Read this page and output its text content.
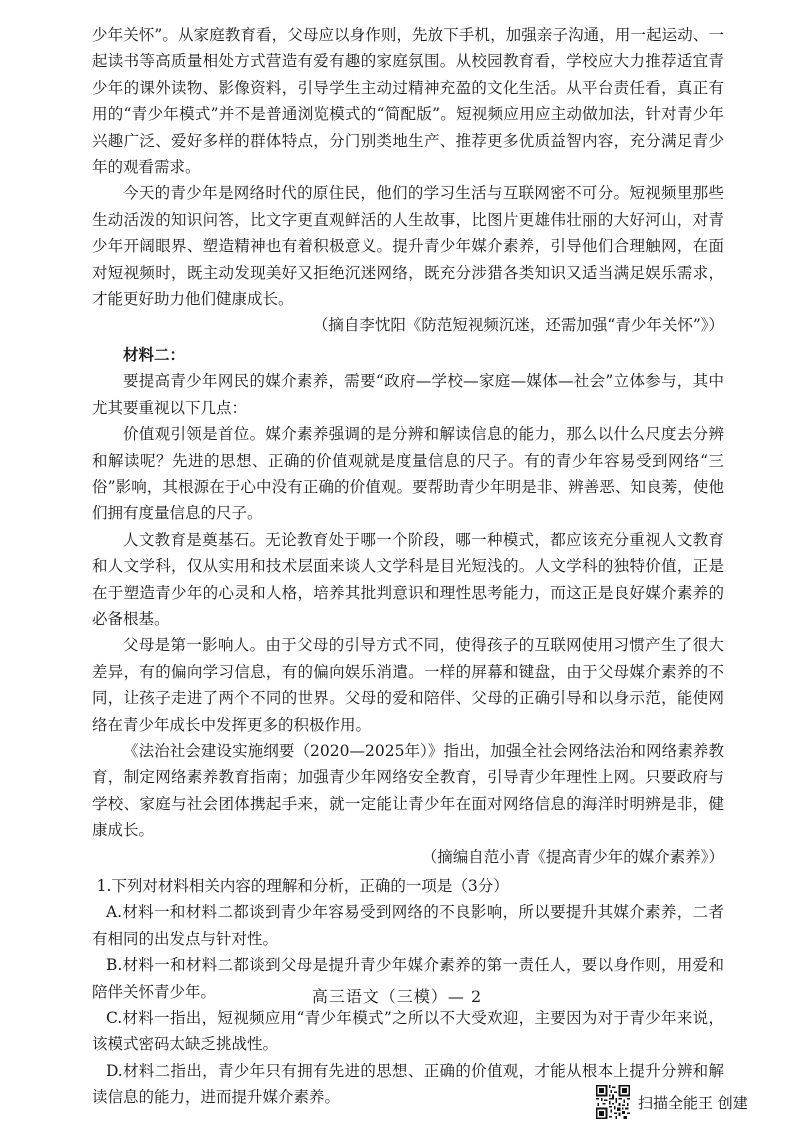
少年关怀”。从家庭教育看，父母应以身作则，先放下手机，加强亲子沟通，用一起运动、一起读书等高质量相处方式营造有爱有趣的家庭氛围。从校园教育看，学校应大力推荐适宜青少年的课外读物、影像资料，引导学生主动过精神充盈的文化生活。从平台责任看，真正有用的“青少年模式”并不是普通浏览模式的“简配版”。短视频应用应主动做加法，针对青少年兴趣广泛、爱好多样的群体特点，分门别类地生产、推荐更多优质益智内容，充分满足青少年的观看需求。

今天的青少年是网络时代的原住民，他们的学习生活与互联网密不可分。短视频里那些生动活泼的知识问答，比文字更直观鲜活的人生故事，比图片更雄伟壮丽的大好河山，对青少年开阔眼界、塑造精神也有着积极意义。提升青少年媒介素养，引导他们合理触网，在面对短视频时，既主动发现美好又拒绝沉迷网络，既充分涉猎各类知识又适当满足娱乐需求，才能更好助力他们健康成长。

（摘自李忱阳《防范短视频沉迷，还需加强“青少年关怀”》）

材料二：

要提高青少年网民的媒介素养，需要“政府—学校—家庭—媒体—社会”立体参与，其中尤其要重视以下几点：

价值观引领是首位。媒介素养强调的是分辨和解读信息的能力，那么以什么尺度去分辨和解读呢？先进的思想、正确的价值观就是度量信息的尺子。有的青少年容易受到网络“三俗”影响，其根源在于心中没有正确的价值观。要帮助青少年明是非、辨善恶、知良莠，使他们拥有度量信息的尺子。

人文教育是奠基石。无论教育处于哪一个阶段，哪一种模式，都应该充分重视人文教育和人文学科，仅从实用和技术层面来谈人文学科是目光短浅的。人文学科的独特价值，正是在于塑造青少年的心灵和人格，培养其批判意识和理性思考能力，而这正是良好媒介素养的必备根基。

父母是第一影响人。由于父母的引导方式不同，使得孩子的互联网使用习惯产生了很大差异，有的偏向学习信息，有的偏向娱乐消遣。一样的屏幕和键盘，由于父母媒介素养的不同，让孩子走进了两个不同的世界。父母的爱和陪伴、父母的正确引导和以身示范，能使网络在青少年成长中发挥更多的积极作用。

《法治社会建设实施纲要（2020—2025年）》指出，加强全社会网络法治和网络素养教育，制定网络素养教育指南；加强青少年网络安全教育，引导青少年理性上网。只要政府与学校、家庭与社会团体携起手来，就一定能让青少年在面对网络信息的海洋时明辨是非，健康成长。

（摘编自范小青《提高青少年的媒介素养》）

1.下列对材料相关内容的理解和分析，正确的一项是（3分）

A.材料一和材料二都谈到青少年容易受到网络的不良影响，所以要提升其媒介素养，二者有相同的出发点与针对性。

B.材料一和材料二都谈到父母是提升青少年媒介素养的第一责任人，要以身作则，用爱和陪伴关怀青少年。

C.材料一指出，短视频应用“青少年模式”之所以不大受欢迎，主要因为对于青少年来说，该模式密码太缺乏挑战性。

D.材料二指出，青少年只有拥有先进的思想、正确的价值观，才能从根本上提升分辨和解读信息的能力，进而提升媒介素养。

高三语文（三模）— 2
扫描全能王 创建
